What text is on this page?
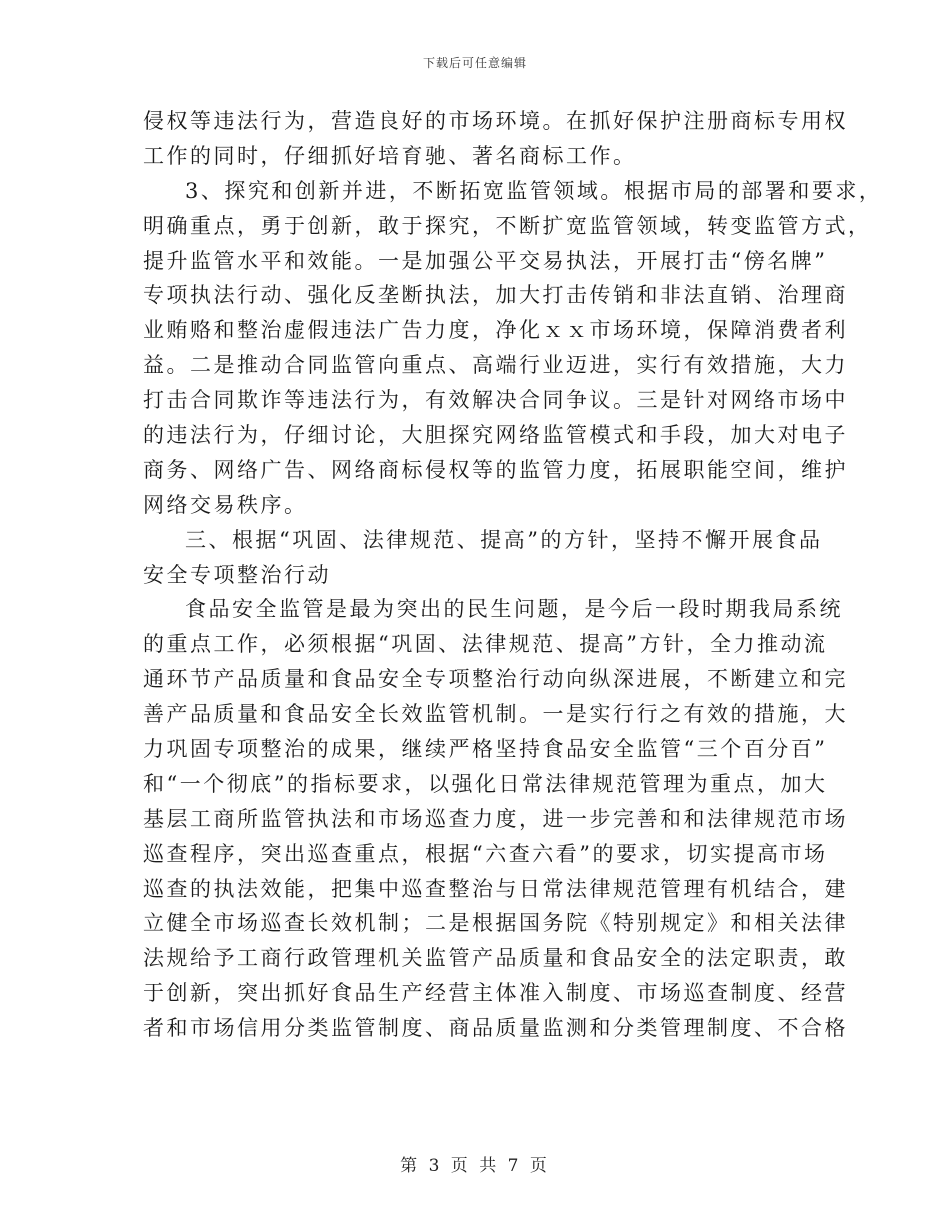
下载后可任意编辑
侵权等违法行为，营造良好的市场环境。在抓好保护注册商标专用权
工作的同时，仔细抓好培育驰、著名商标工作。
3、探究和创新并进，不断拓宽监管领域。根据市局的部署和要求，
明确重点，勇于创新，敢于探究，不断扩宽监管领域，转变监管方式，
提升监管水平和效能。一是加强公平交易执法，开展打击“傍名牌”
专项执法行动、强化反垄断执法，加大打击传销和非法直销、治理商
业贿赂和整治虚假违法广告力度，净化ｘｘ市场环境，保障消费者利
益。二是推动合同监管向重点、高端行业迈进，实行有效措施，大力
打击合同欺诈等违法行为，有效解决合同争议。三是针对网络市场中
的违法行为，仔细讨论，大胆探究网络监管模式和手段，加大对电子
商务、网络广告、网络商标侵权等的监管力度，拓展职能空间，维护
网络交易秩序。
三、根据“巩固、法律规范、提高”的方针，坚持不懈开展食品
安全专项整治行动
食品安全监管是最为突出的民生问题，是今后一段时期我局系统
的重点工作，必须根据“巩固、法律规范、提高”方针，全力推动流
通环节产品质量和食品安全专项整治行动向纵深进展，不断建立和完
善产品质量和食品安全长效监管机制。一是实行行之有效的措施，大
力巩固专项整治的成果，继续严格坚持食品安全监管“三个百分百”
和“一个彻底”的指标要求，以强化日常法律规范管理为重点，加大
基层工商所监管执法和市场巡查力度，进一步完善和和法律规范市场
巡查程序，突出巡查重点，根据“六查六看”的要求，切实提高市场
巡查的执法效能，把集中巡查整治与日常法律规范管理有机结合，建
立健全市场巡查长效机制；二是根据国务院《特别规定》和相关法律
法规给予工商行政管理机关监管产品质量和食品安全的法定职责，敢
于创新，突出抓好食品生产经营主体准入制度、市场巡查制度、经营
者和市场信用分类监管制度、商品质量监测和分类管理制度、不合格
第 3 页 共 7 页
